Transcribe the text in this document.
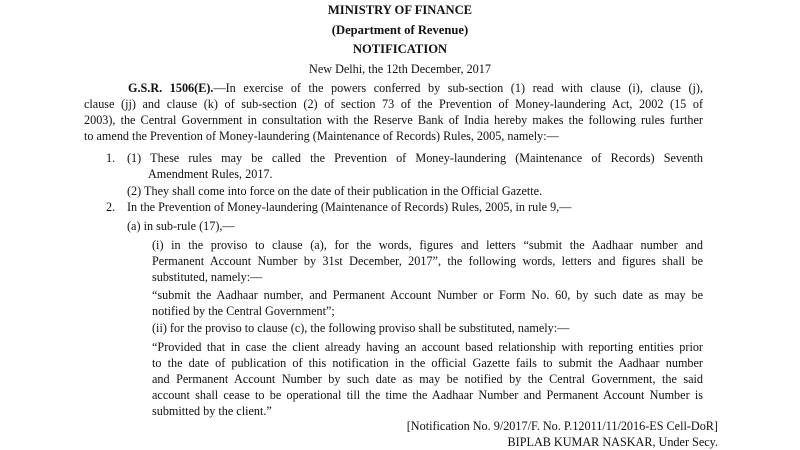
MINISTRY OF FINANCE

(Department of Revenue)

NOTIFICATION

New Delhi, the 12th December, 2017

G.S.R. 1506(E).—In exercise of the powers conferred by sub-section (1) read with clause (i), clause (j),

clause (jj) and clause (k) of sub-section (2) of section 73 of the Prevention of Money-laundering Act, 2002 (15 of

2003), the Central Government in consultation with the Reserve Bank of India hereby makes the following rules further

to amend the Prevention of Money-laundering (Maintenance of Records) Rules, 2005, namely:—

1. (1) These rules may be called the Prevention of Money-laundering (Maintenance of Records) Seventh

Amendment Rules, 2017.

(2) They shall come into force on the date of their publication in the Official Gazette.

2. In the Prevention of Money-laundering (Maintenance of Records) Rules, 2005, in rule 9,—

(a) in sub-rule (17),—

(i) in the proviso to clause (a), for the words, figures and letters “submit the Aadhaar number and

Permanent Account Number by 31st December, 2017”, the following words, letters and figures shall be

substituted, namely:—

“submit the Aadhaar number, and Permanent Account Number or Form No. 60, by such date as may be

notified by the Central Government”;

(ii) for the proviso to clause (c), the following proviso shall be substituted, namely:—

“Provided that in case the client already having an account based relationship with reporting entities prior

to the date of publication of this notification in the official Gazette fails to submit the Aadhaar number

and Permanent Account Number by such date as may be notified by the Central Government, the said

account shall cease to be operational till the time the Aadhaar Number and Permanent Account Number is

submitted by the client.”

[Notification No. 9/2017/F. No. P.12011/11/2016-ES Cell-DoR]

BIPLAB KUMAR NASKAR, Under Secy.
